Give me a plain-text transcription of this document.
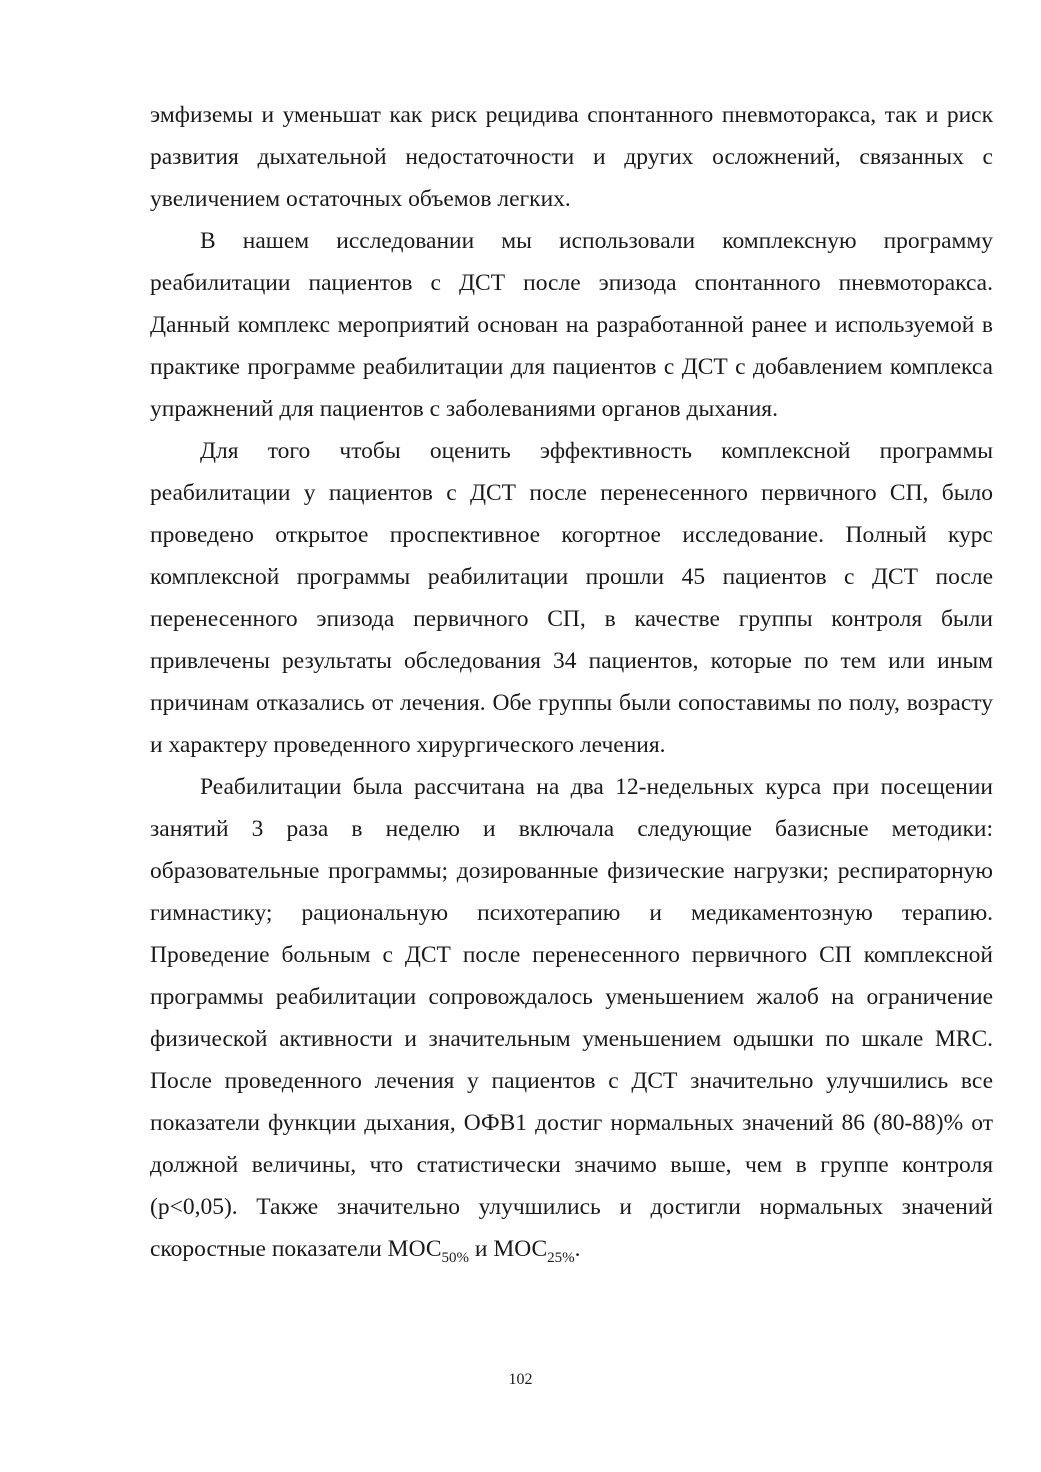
эмфиземы и уменьшат как риск рецидива спонтанного пневмоторакса, так и риск развития дыхательной недостаточности и других осложнений, связанных с увеличением остаточных объемов легких.

В нашем исследовании мы использовали комплексную программу реабилитации пациентов с ДСТ после эпизода спонтанного пневмоторакса. Данный комплекс мероприятий основан на разработанной ранее и используемой в практике программе реабилитации для пациентов с ДСТ с добавлением комплекса упражнений для пациентов с заболеваниями органов дыхания.

Для того чтобы оценить эффективность комплексной программы реабилитации у пациентов с ДСТ после перенесенного первичного СП, было проведено открытое проспективное когортное исследование. Полный курс комплексной программы реабилитации прошли 45 пациентов с ДСТ после перенесенного эпизода первичного СП, в качестве группы контроля были привлечены результаты обследования 34 пациентов, которые по тем или иным причинам отказались от лечения. Обе группы были сопоставимы по полу, возрасту и характеру проведенного хирургического лечения.

Реабилитации была рассчитана на два 12-недельных курса при посещении занятий 3 раза в неделю и включала следующие базисные методики: образовательные программы; дозированные физические нагрузки; респираторную гимнастику; рациональную психотерапию и медикаментозную терапию. Проведение больным с ДСТ после перенесенного первичного СП комплексной программы реабилитации сопровождалось уменьшением жалоб на ограничение физической активности и значительным уменьшением одышки по шкале MRC. После проведенного лечения у пациентов с ДСТ значительно улучшились все показатели функции дыхания, ОФВ1 достиг нормальных значений 86 (80-88)% от должной величины, что статистически значимо выше, чем в группе контроля (р<0,05). Также значительно улучшились и достигли нормальных значений скоростные показатели $МОС_{50\%}$ и $МОС_{25\%}$.

102
